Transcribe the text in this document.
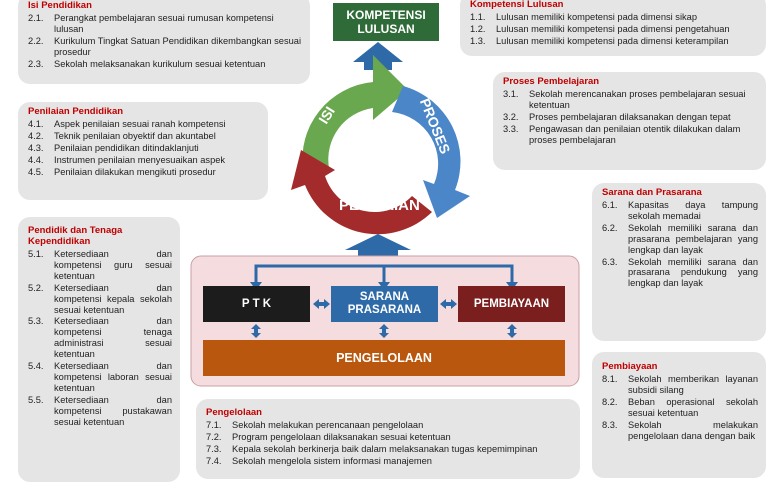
ISI	PROSES
PENILAIAN
KOMPETENSI LULUSAN
P T K
SARANA PRASARANA	PEMBIAYAAN
PENGELOLAAN
Isi Pendidikan
2.1.	Perangkat pembelajaran sesuai rumusan kompetensi lulusan
2.2.	Kurikulum Tingkat Satuan Pendidikan dikembangkan sesuai prosedur
2.3.	Sekolah melaksanakan kurikulum sesuai ketentuan
Kompetensi Lulusan
1.1.	Lulusan memiliki kompetensi pada dimensi sikap
1.2.	Lulusan memiliki kompetensi pada dimensi pengetahuan
1.3.	Lulusan memiliki kompetensi pada dimensi keterampilan
Penilaian Pendidikan
4.1.	Aspek penilaian sesuai ranah kompetensi
4.2.	Teknik penilaian obyektif dan akuntabel
4.3.	Penilaian pendidikan ditindaklanjuti
4.4.	Instrumen penilaian menyesuaikan aspek
4.5.	Penilaian dilakukan mengikuti prosedur
Proses Pembelajaran
3.1.	Sekolah merencanakan proses pembelajaran sesuai ketentuan
3.2.	Proses pembelajaran dilaksanakan dengan tepat
3.3.	Pengawasan dan penilaian otentik dilakukan dalam proses pembelajaran
Pendidik dan Tenaga Kependidikan
5.1.	Ketersediaan dan kompetensi guru sesuai ketentuan
5.2.	Ketersediaan dan kompetensi kepala sekolah sesuai ketentuan
5.3.	Ketersediaan dan kompetensi tenaga administrasi sesuai ketentuan
5.4.	Ketersediaan dan kompetensi laboran sesuai ketentuan
5.5.	Ketersediaan dan kompetensi pustakawan sesuai ketentuan
Sarana dan Prasarana
6.1.	Kapasitas daya tampung sekolah memadai
6.2.	Sekolah memiliki sarana dan prasarana pembelajaran yang lengkap dan layak
6.3.	Sekolah memiliki sarana dan prasarana pendukung yang lengkap dan layak
Pembiayaan
8.1.	Sekolah memberikan layanan subsidi silang
8.2.	Beban operasional sekolah sesuai ketentuan
8.3.	Sekolah melakukan pengelolaan dana dengan baik
Pengelolaan
7.1.	Sekolah melakukan perencanaan pengelolaan
7.2.	Program pengelolaan dilaksanakan sesuai ketentuan
7.3.	Kepala sekolah berkinerja baik dalam melaksanakan tugas kepemimpinan
7.4.	Sekolah mengelola sistem informasi manajemen
